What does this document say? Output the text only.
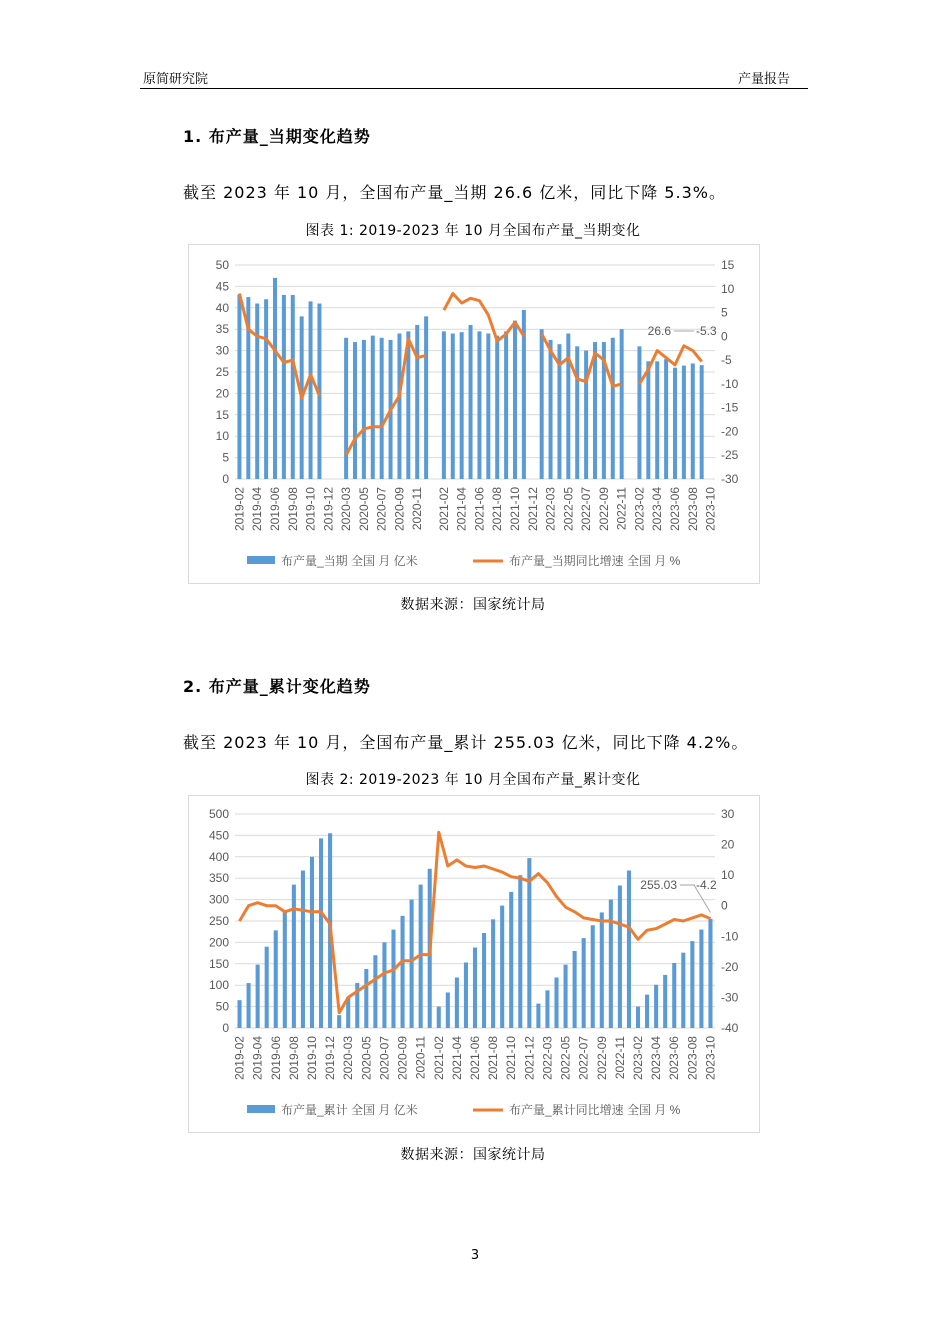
原简研究院	产量报告
1. 布产量_当期变化趋势
截至 2023 年 10 月，全国布产量_当期 26.6 亿米，同比下降 5.3%。
图表 1: 2019-2023 年 10 月全国布产量_当期变化
0
5
10
15
20
25
30
35
40
45
50
-30
-25
-20
-15
-10
-5
0
5
10
15
2019-02 2019-04 2019-06 2019-08 2019-10 2019-12 2020-03 2020-05 2020-07 2020-09 2020-11 2021-02 2021-04 2021-06 2021-08 2021-10 2021-12 2022-03 2022-05 2022-07 2022-09 2022-11 2023-02 2023-04 2023-06 2023-08 2023-10
26.6 -5.3
布产量_当期 全国 月 亿米	布产量_当期同比增速 全国 月 %
数据来源：国家统计局
2. 布产量_累计变化趋势
截至 2023 年 10 月，全国布产量_累计 255.03 亿米，同比下降 4.2%。
图表 2: 2019-2023 年 10 月全国布产量_累计变化
0
50
100
150
200
250
300
350
400
450
500
-40
-30
-20
-10
0
10
20
30
2019-02 2019-04 2019-06 2019-08 2019-10 2019-12 2020-03 2020-05 2020-07 2020-09 2020-11 2021-02 2021-04 2021-06 2021-08 2021-10 2021-12 2022-03 2022-05 2022-07 2022-09 2022-11 2023-02 2023-04 2023-06 2023-08 2023-10
255.03 -4.2
布产量_累计 全国 月 亿米	布产量_累计同比增速 全国 月 %
数据来源：国家统计局
3
